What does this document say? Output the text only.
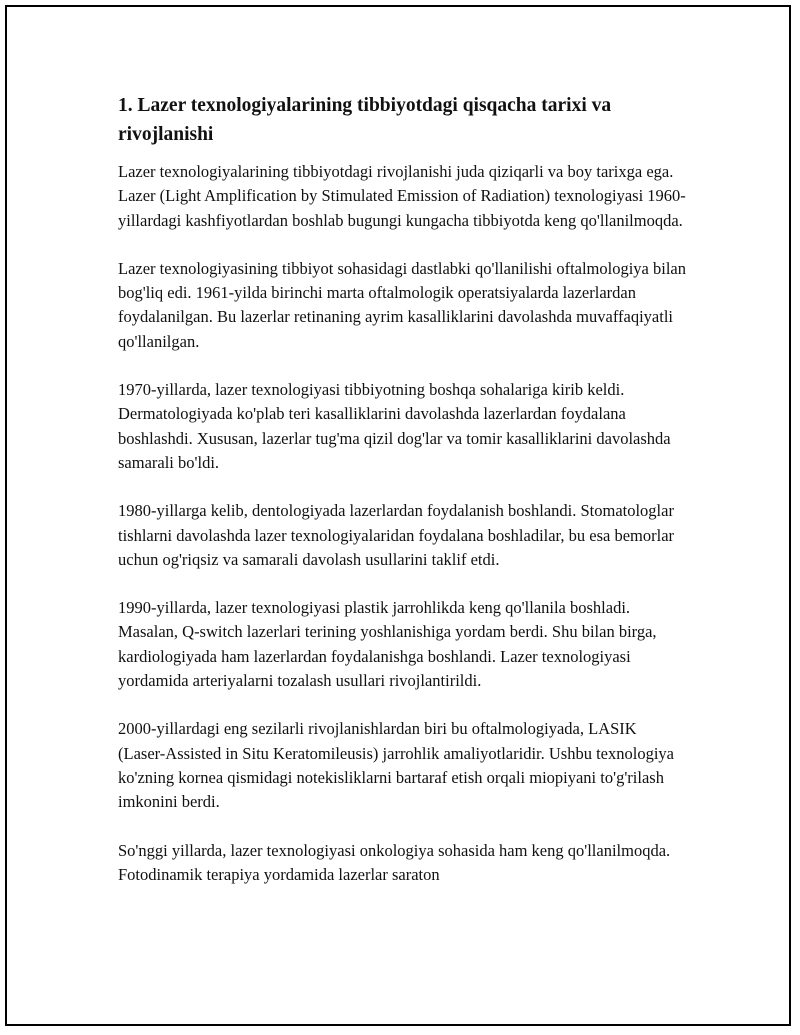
1. Lazer texnologiyalarining tibbiyotdagi qisqacha tarixi va rivojlanishi

Lazer texnologiyalarining tibbiyotdagi rivojlanishi juda qiziqarli va boy tarixga ega. Lazer (Light Amplification by Stimulated Emission of Radiation) texnologiyasi 1960-yillardagi kashfiyotlardan boshlab bugungi kungacha tibbiyotda keng qo'llanilmoqda.

Lazer texnologiyasining tibbiyot sohasidagi dastlabki qo'llanilishi oftalmologiya bilan bog'liq edi. 1961-yilda birinchi marta oftalmologik operatsiyalarda lazerlardan foydalanilgan. Bu lazerlar retinaning ayrim kasalliklarini davolashda muvaffaqiyatli qo'llanilgan.

1970-yillarda, lazer texnologiyasi tibbiyotning boshqa sohalariga kirib keldi. Dermatologiyada ko'plab teri kasalliklarini davolashda lazerlardan foydalana boshlashdi. Xususan, lazerlar tug'ma qizil dog'lar va tomir kasalliklarini davolashda samarali bo'ldi.

1980-yillarga kelib, dentologiyada lazerlardan foydalanish boshlandi. Stomatologlar tishlarni davolashda lazer texnologiyalaridan foydalana boshladilar, bu esa bemorlar uchun og'riqsiz va samarali davolash usullarini taklif etdi.

1990-yillarda, lazer texnologiyasi plastik jarrohlikda keng qo'llanila boshladi. Masalan, Q-switch lazerlari terining yoshlanishiga yordam berdi. Shu bilan birga, kardiologiyada ham lazerlardan foydalanishga boshlandi. Lazer texnologiyasi yordamida arteriyalarni tozalash usullari rivojlantirildi.

2000-yillardagi eng sezilarli rivojlanishlardan biri bu oftalmologiyada, LASIK (Laser-Assisted in Situ Keratomileusis) jarrohlik amaliyotlaridir. Ushbu texnologiya ko'zning kornea qismidagi notekisliklarni bartaraf etish orqali miopiyani to'g'rilash imkonini berdi.

So'nggi yillarda, lazer texnologiyasi onkologiya sohasida ham keng qo'llanilmoqda. Fotodinamik terapiya yordamida lazerlar saraton
